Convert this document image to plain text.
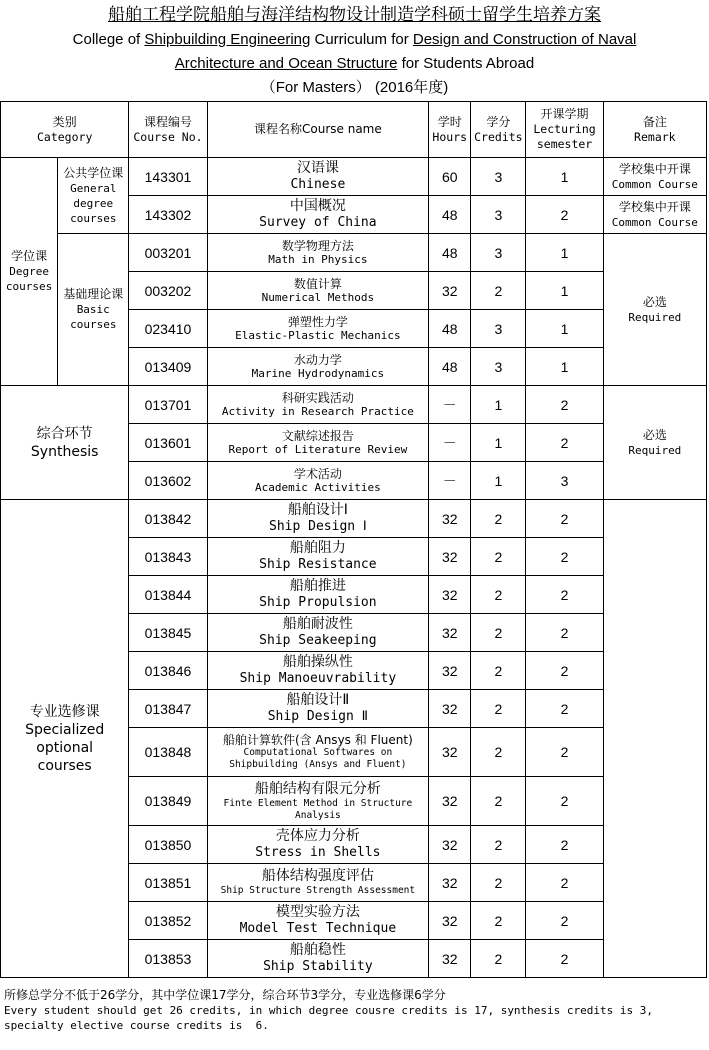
船舶工程学院船舶与海洋结构物设计制造学科硕士留学生培养方案
College of Shipbuilding Engineering Curriculum for Design and Construction of Naval
Architecture and Ocean Structure for Students Abroad
（For Masters） (2016年度)
类别
Category		课程编号
Course No.	课程名称Course name	学时
Hours	学分
Credits	开课学期
Lecturing
semester	备注
Remark
学位课
Degree
courses	公共学位课
General
degree
courses	143301	汉语课
Chinese	60	3	1	学校集中开课
Common Course
		143302	中国概况
Survey of China	48	3	2	学校集中开课
Common Course
	基础理论课
Basic
courses	003201	数学物理方法
Math in Physics	48	3	1	必选
Required
		003202	数值计算
Numerical Methods	32	2	1	
		023410	弹塑性力学
Elastic-Plastic Mechanics	48	3	1	
		013409	水动力学
Marine Hydrodynamics	48	3	1	
综合环节
Synthesis		013701	科研实践活动
Activity in Research Practice	－	1	2	必选
Required
		013601	文献综述报告
Report of Literature Review	－	1	2	
		013602	学术活动
Academic Activities	－	1	3	
专业选修课
Specialized
optional
courses		013842	船舶设计Ⅰ
Ship Design Ⅰ	32	2	2	
		013843	船舶阻力
Ship Resistance	32	2	2	
		013844	船舶推进
Ship Propulsion	32	2	2	
		013845	船舶耐波性
Ship Seakeeping	32	2	2	
		013846	船舶操纵性
Ship Manoeuvrability	32	2	2	
		013847	船舶设计Ⅱ
Ship Design Ⅱ	32	2	2	
		013848	船舶计算软件(含 Ansys 和 Fluent)
Computational Softwares on Shipbuilding (Ansys and Fluent)	32	2	2	
		013849	船舶结构有限元分析
Finte Element Method in Structure Analysis	32	2	2	
		013850	壳体应力分析
Stress in Shells	32	2	2	
		013851	船体结构强度评估
Ship Structure Strength Assessment	32	2	2	
		013852	模型实验方法
Model Test Technique	32	2	2	
		013853	船舶稳性
Ship Stability	32	2	2	
所修总学分不低于26学分，其中学位课17学分，综合环节3学分，专业选修课6学分
Every student should get 26 credits, in which degree cousre credits is 17, synthesis credits is 3, specialty elective course credits is  6.
